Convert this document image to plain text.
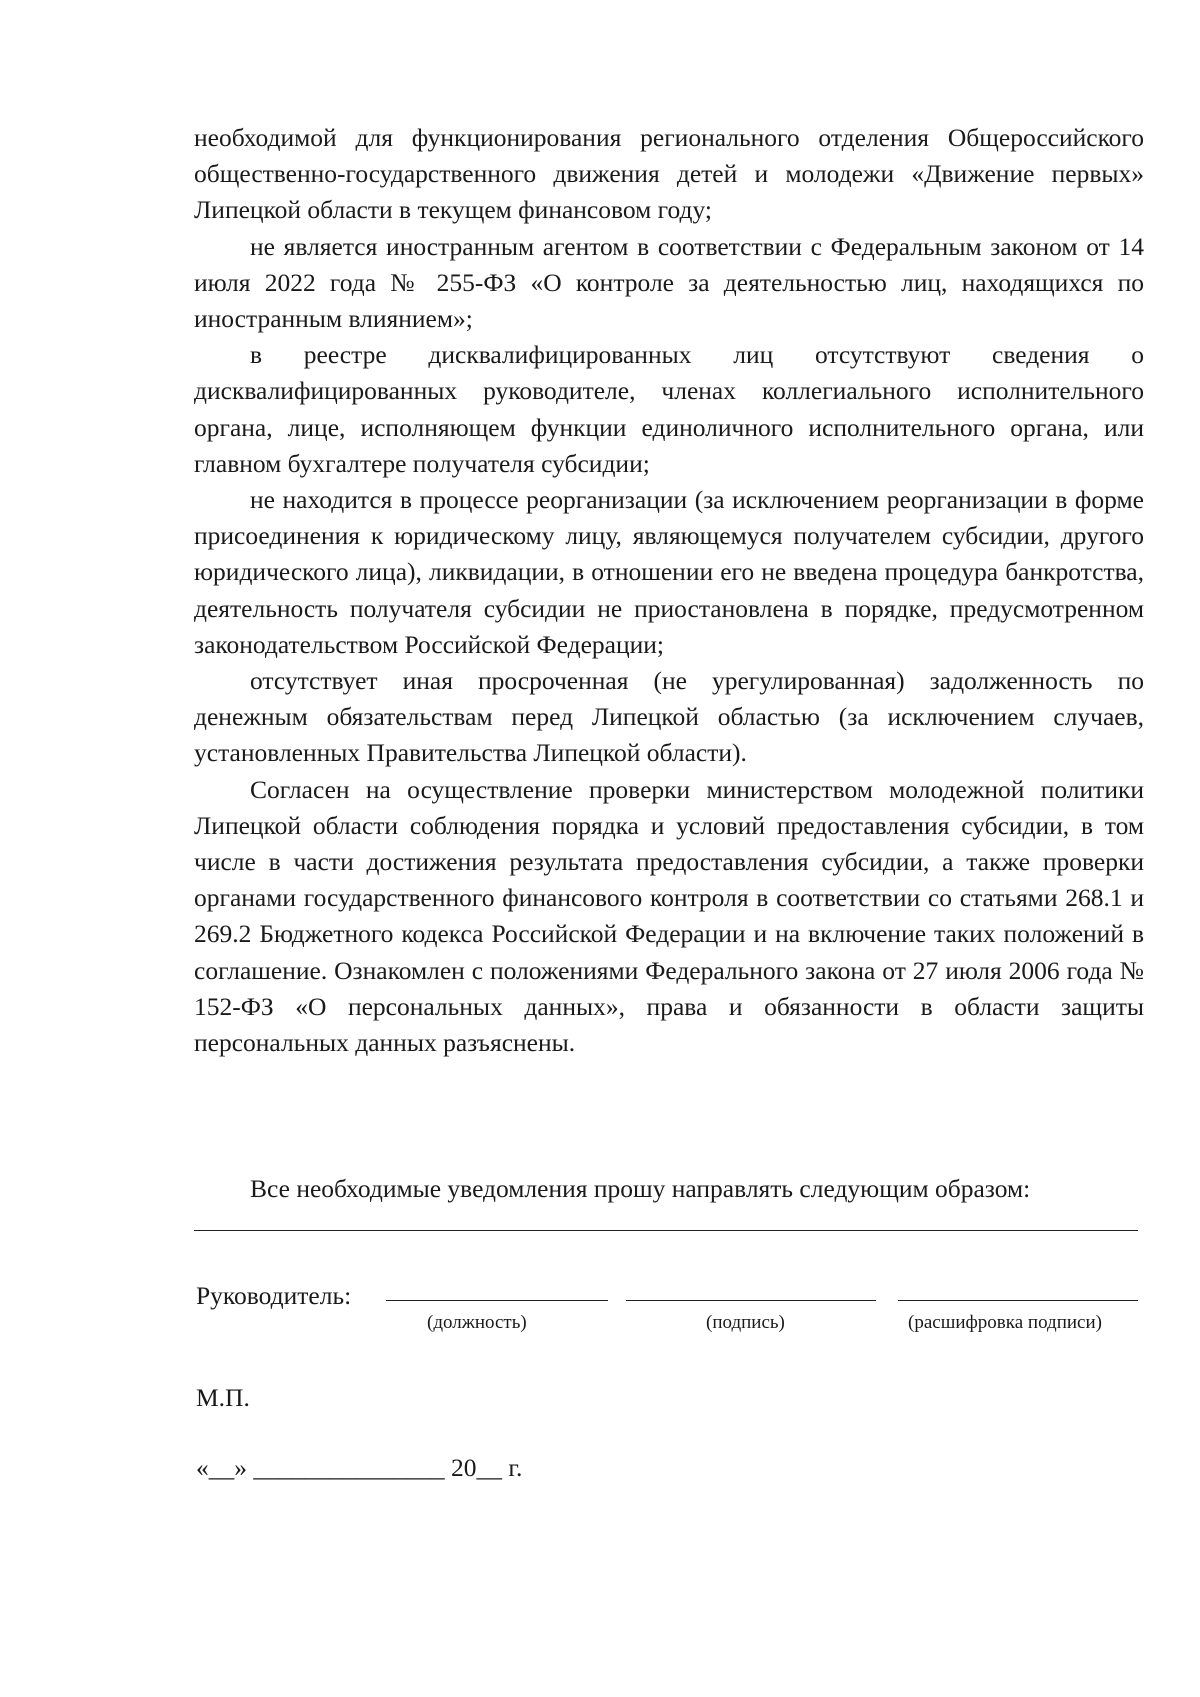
необходимой для функционирования регионального отделения Общероссийского общественно-государственного движения детей и молодежи «Движение первых» Липецкой области в текущем финансовом году;

не является иностранным агентом в соответствии с Федеральным законом от 14 июля 2022 года № 255-ФЗ «О контроле за деятельностью лиц, находящихся по иностранным влиянием»;

в реестре дисквалифицированных лиц отсутствуют сведения о дисквалифицированных руководителе, членах коллегиального исполнительного органа, лице, исполняющем функции единоличного исполнительного органа, или главном бухгалтере получателя субсидии;

не находится в процессе реорганизации (за исключением реорганизации в форме присоединения к юридическому лицу, являющемуся получателем субсидии, другого юридического лица), ликвидации, в отношении его не введена процедура банкротства, деятельность получателя субсидии не приостановлена в порядке, предусмотренном законодательством Российской Федерации;

отсутствует иная просроченная (не урегулированная) задолженность по денежным обязательствам перед Липецкой областью (за исключением случаев, установленных Правительства Липецкой области).

Согласен на осуществление проверки министерством молодежной политики Липецкой области соблюдения порядка и условий предоставления субсидии, в том числе в части достижения результата предоставления субсидии, а также проверки органами государственного финансового контроля в соответствии со статьями 268.1 и 269.2 Бюджетного кодекса Российской Федерации и на включение таких положений в соглашение. Ознакомлен с положениями Федерального закона от 27 июля 2006 года № 152-ФЗ «О персональных данных», права и обязанности в области защиты персональных данных разъяснены.

Все необходимые уведомления прошу направлять следующим образом:
Руководитель:
(должность)	(подпись)	(расшифровка подписи)
М.П.
«__» _______________ 20__ г.
